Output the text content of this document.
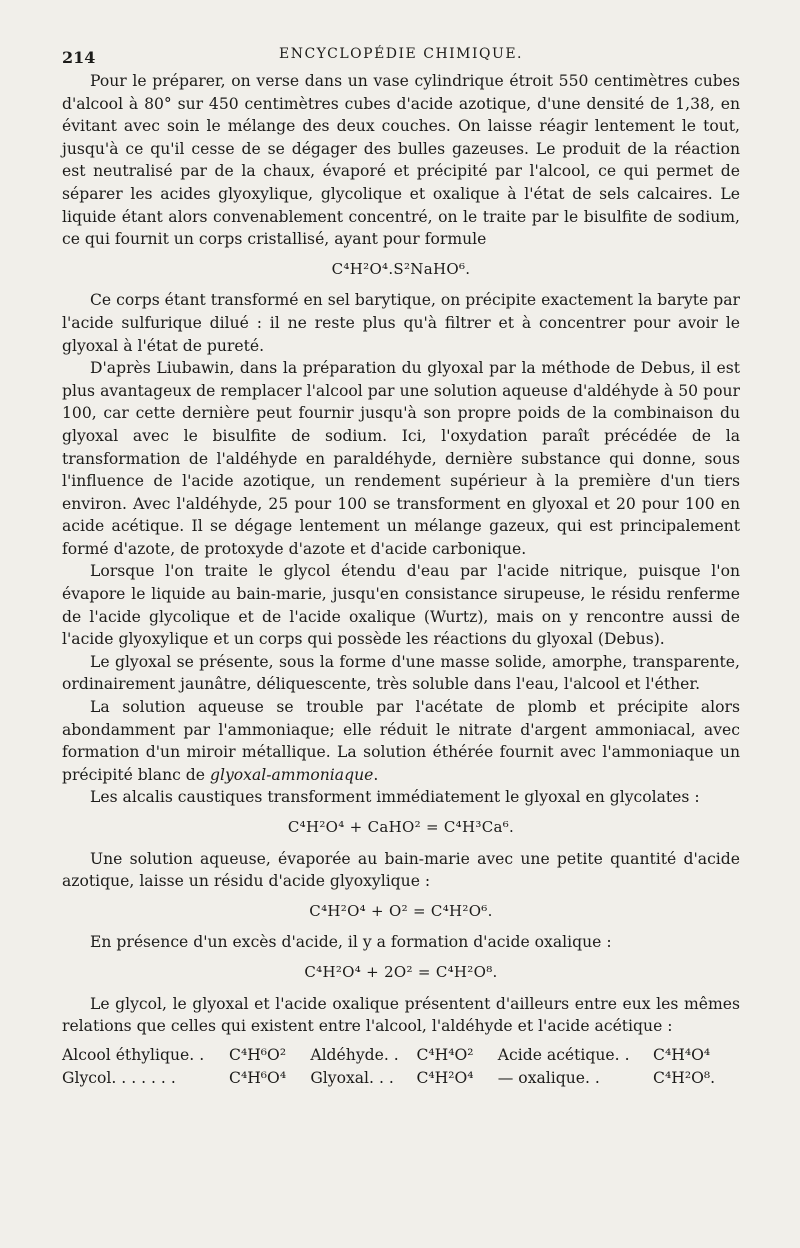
214	ENCYCLOPÉDIE CHIMIQUE.

Pour le préparer, on verse dans un vase cylindrique étroit 550 centimètres cubes d'alcool à 80° sur 450 centimètres cubes d'acide azotique, d'une densité de 1,38, en évitant avec soin le mélange des deux couches. On laisse réagir lentement le tout, jusqu'à ce qu'il cesse de se dégager des bulles gazeuses. Le produit de la réaction est neutralisé par de la chaux, évaporé et précipité par l'alcool, ce qui permet de séparer les acides glyoxylique, glycolique et oxalique à l'état de sels calcaires. Le liquide étant alors convenablement concentré, on le traite par le bisulfite de sodium, ce qui fournit un corps cristallisé, ayant pour formule

C⁴H²O⁴.S²NaHO⁶.

Ce corps étant transformé en sel barytique, on précipite exactement la baryte par l'acide sulfurique dilué : il ne reste plus qu'à filtrer et à concentrer pour avoir le glyoxal à l'état de pureté.

D'après Liubawin, dans la préparation du glyoxal par la méthode de Debus, il est plus avantageux de remplacer l'alcool par une solution aqueuse d'aldéhyde à 50 pour 100, car cette dernière peut fournir jusqu'à son propre poids de la combinaison du glyoxal avec le bisulfite de sodium. Ici, l'oxydation paraît précédée de la transformation de l'aldéhyde en paraldéhyde, dernière substance qui donne, sous l'influence de l'acide azotique, un rendement supérieur à la première d'un tiers environ. Avec l'aldéhyde, 25 pour 100 se transforment en glyoxal et 20 pour 100 en acide acétique. Il se dégage lentement un mélange gazeux, qui est principalement formé d'azote, de protoxyde d'azote et d'acide carbonique.

Lorsque l'on traite le glycol étendu d'eau par l'acide nitrique, puisque l'on évapore le liquide au bain-marie, jusqu'en consistance sirupeuse, le résidu renferme de l'acide glycolique et de l'acide oxalique (Wurtz), mais on y rencontre aussi de l'acide glyoxylique et un corps qui possède les réactions du glyoxal (Debus).

Le glyoxal se présente, sous la forme d'une masse solide, amorphe, transparente, ordinairement jaunâtre, déliquescente, très soluble dans l'eau, l'alcool et l'éther.

La solution aqueuse se trouble par l'acétate de plomb et précipite alors abondamment par l'ammoniaque; elle réduit le nitrate d'argent ammoniacal, avec formation d'un miroir métallique. La solution éthérée fournit avec l'ammoniaque un précipité blanc de glyoxal-ammoniaque.

Les alcalis caustiques transforment immédiatement le glyoxal en glycolates :

C⁴H²O⁴ + CaHO² = C⁴H³Ca⁶.

Une solution aqueuse, évaporée au bain-marie avec une petite quantité d'acide azotique, laisse un résidu d'acide glyoxylique :

C⁴H²O⁴ + O² = C⁴H²O⁶.

En présence d'un excès d'acide, il y a formation d'acide oxalique :

C⁴H²O⁴ + 2O² = C⁴H²O⁸.

Le glycol, le glyoxal et l'acide oxalique présentent d'ailleurs entre eux les mêmes relations que celles qui existent entre l'alcool, l'aldéhyde et l'acide acétique :

Alcool éthylique. .	C⁴H⁶O²	Aldéhyde. .	C⁴H⁴O²	Acide acétique. .	C⁴H⁴O⁴
Glycol. . . . . . .	C⁴H⁶O⁴	Glyoxal. . .	C⁴H²O⁴	— oxalique. .	C⁴H²O⁸.
